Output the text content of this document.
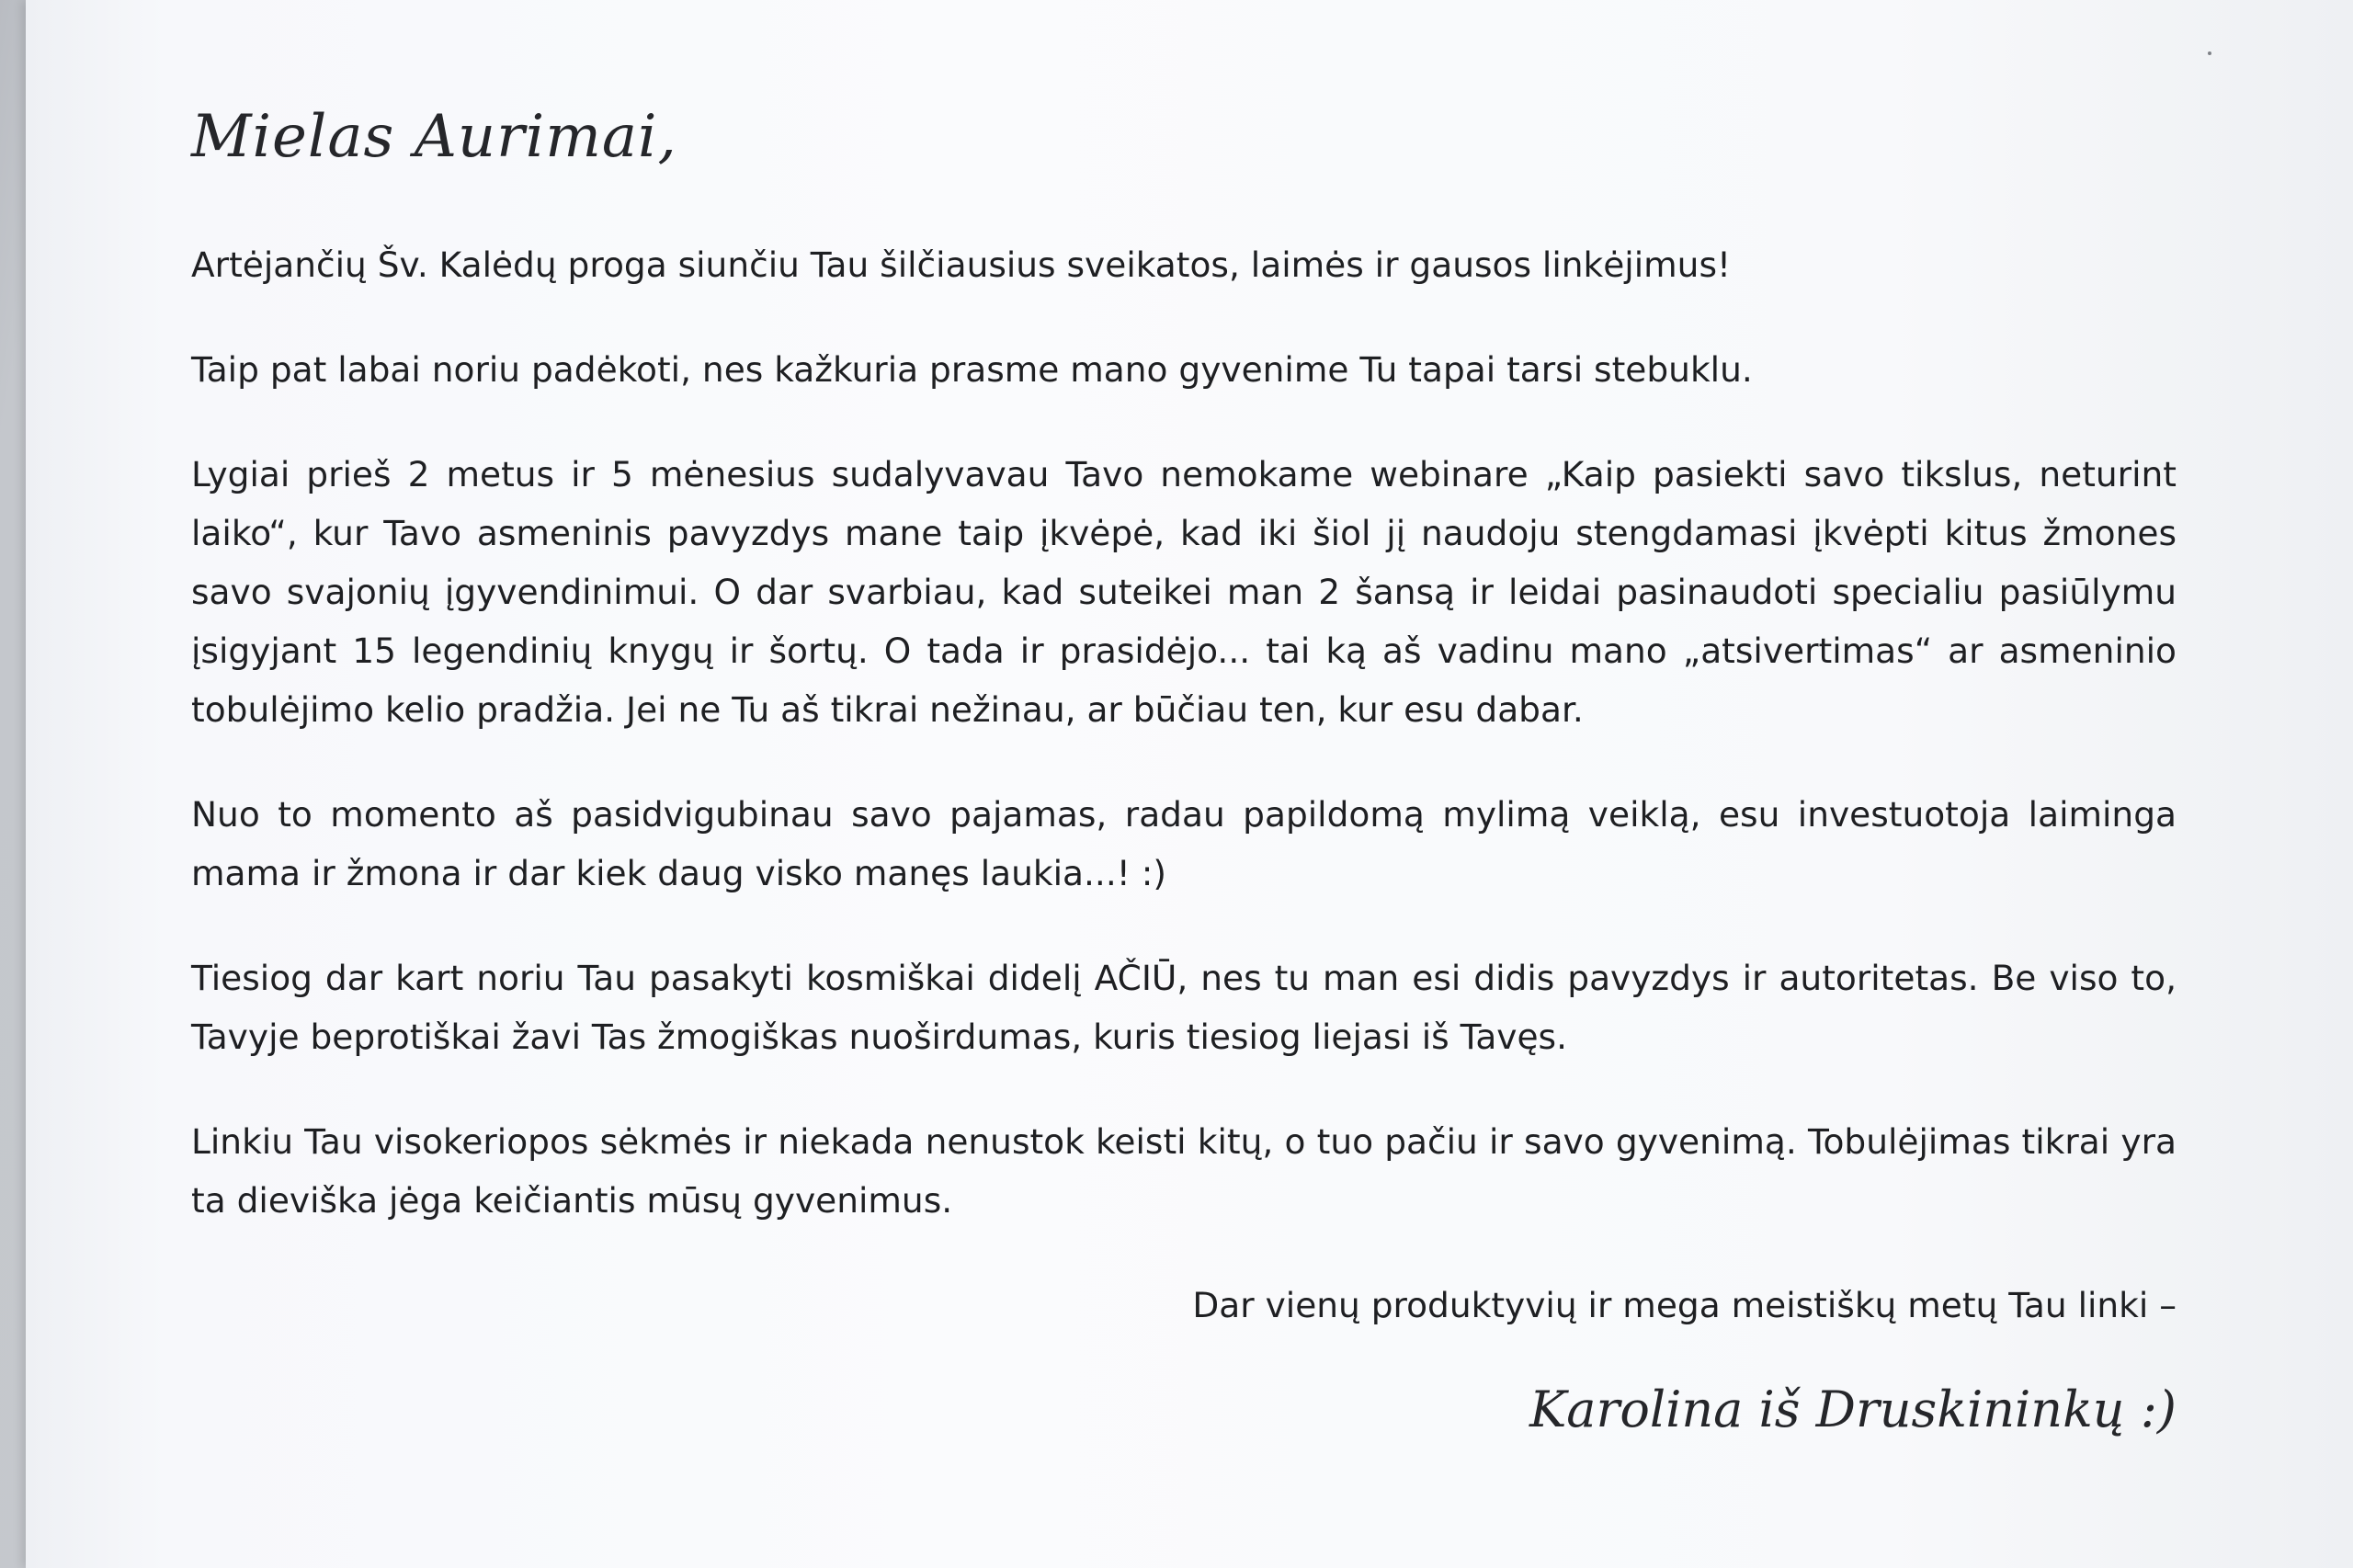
Mielas Aurimai,

Artėjančių Šv. Kalėdų proga siunčiu Tau šilčiausius sveikatos, laimės ir gausos linkėjimus!

Taip pat labai noriu padėkoti, nes kažkuria prasme mano gyvenime Tu tapai tarsi stebuklu.

Lygiai prieš 2 metus ir 5 mėnesius sudalyvavau Tavo nemokame webinare „Kaip pasiekti savo tikslus, neturint laiko“, kur Tavo asmeninis pavyzdys mane taip įkvėpė, kad iki šiol jį naudoju stengdamasi įkvėpti kitus žmones savo svajonių įgyvendinimui. O dar svarbiau, kad suteikei man 2 šansą ir leidai pasinaudoti specialiu pasiūlymu įsigyjant 15 legendinių knygų ir šortų. O tada ir prasidėjo... tai ką aš vadinu mano „atsivertimas“ ar asmeninio tobulėjimo kelio pradžia. Jei ne Tu aš tikrai nežinau, ar būčiau ten, kur esu dabar.

Nuo to momento aš pasidvigubinau savo pajamas, radau papildomą mylimą veiklą, esu investuotoja laiminga mama ir žmona ir dar kiek daug visko manęs laukia...! :)

Tiesiog dar kart noriu Tau pasakyti kosmiškai didelį AČIŪ, nes tu man esi didis pavyzdys ir autoritetas. Be viso to, Tavyje beprotiškai žavi Tas žmogiškas nuoširdumas, kuris tiesiog liejasi iš Tavęs.

Linkiu Tau visokeriopos sėkmės ir niekada nenustok keisti kitų, o tuo pačiu ir savo gyvenimą. Tobulėjimas tikrai yra ta dieviška jėga keičiantis mūsų gyvenimus.

Dar vienų produktyvių ir mega meistiškų metų Tau linki –
Karolina iš Druskininkų :)
